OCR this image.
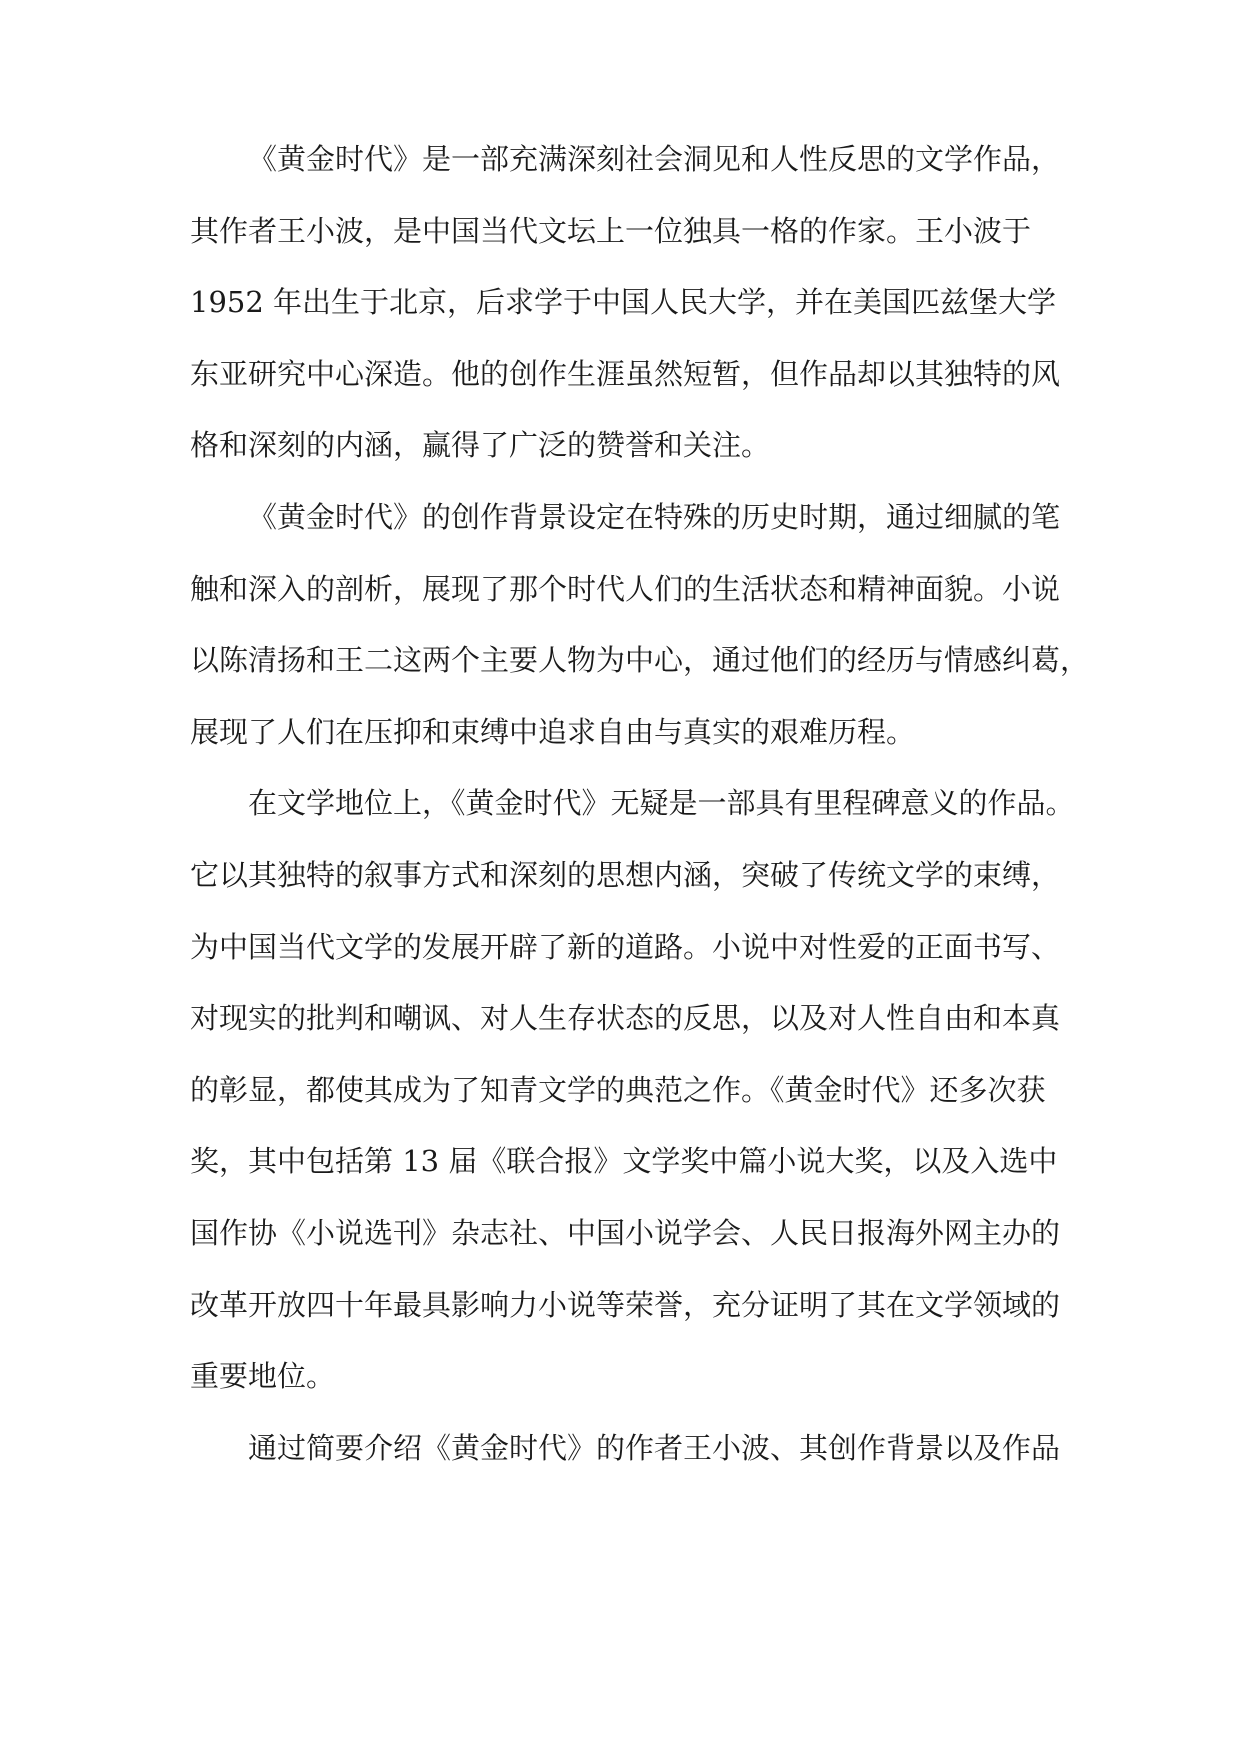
《黄金时代》是一部充满深刻社会洞见和人性反思的文学作品，
其作者王小波，是中国当代文坛上一位独具一格的作家。王小波于
1952 年出生于北京，后求学于中国人民大学，并在美国匹兹堡大学
东亚研究中心深造。他的创作生涯虽然短暂，但作品却以其独特的风
格和深刻的内涵，赢得了广泛的赞誉和关注。
《黄金时代》的创作背景设定在特殊的历史时期，通过细腻的笔
触和深入的剖析，展现了那个时代人们的生活状态和精神面貌。小说
以陈清扬和王二这两个主要人物为中心，通过他们的经历与情感纠葛，
展现了人们在压抑和束缚中追求自由与真实的艰难历程。
在文学地位上，《黄金时代》无疑是一部具有里程碑意义的作品。
它以其独特的叙事方式和深刻的思想内涵，突破了传统文学的束缚，
为中国当代文学的发展开辟了新的道路。小说中对性爱的正面书写、
对现实的批判和嘲讽、对人生存状态的反思，以及对人性自由和本真
的彰显，都使其成为了知青文学的典范之作。《黄金时代》还多次获
奖，其中包括第 13 届《联合报》文学奖中篇小说大奖，以及入选中
国作协《小说选刊》杂志社、中国小说学会、人民日报海外网主办的
改革开放四十年最具影响力小说等荣誉，充分证明了其在文学领域的
重要地位。
通过简要介绍《黄金时代》的作者王小波、其创作背景以及作品
